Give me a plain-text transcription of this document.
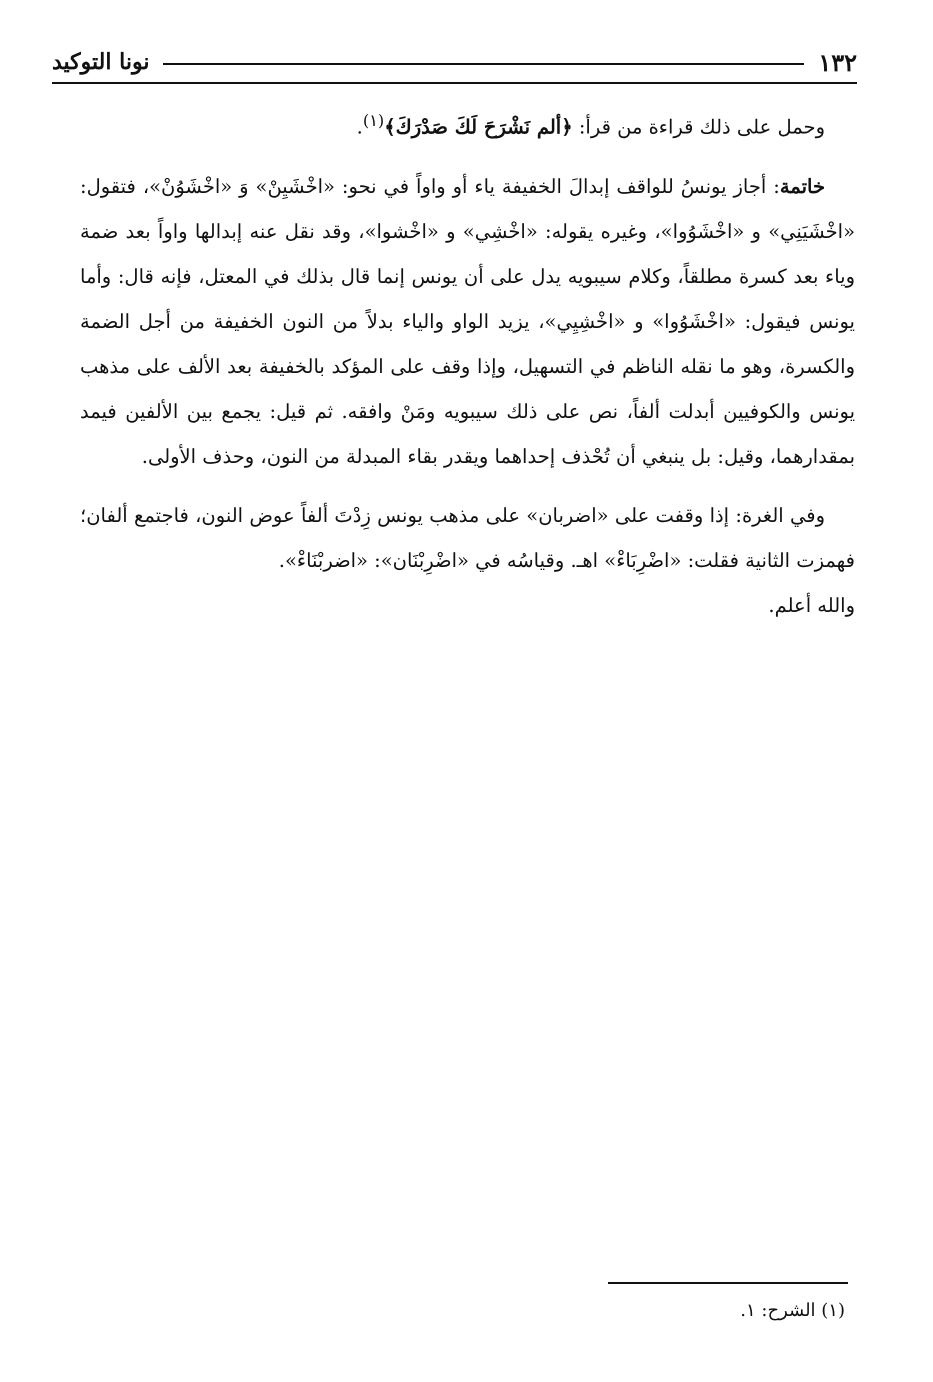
١٣٢
نونا التوكيد

وحمل على ذلك قراءة من قرأ: ﴿ألم نَشْرَحَ لَكَ صَدْرَكَ﴾$^{(١)}$.

خاتمة: أجاز يونسُ للواقف إبدالَ الخفيفة ياء أو واواً في نحو: «اخْشَيِنْ» وَ «اخْشَوُنْ»، فتقول: «اخْشَيَنِي» و «اخْشَوُوا»، وغيره يقوله: «اخْشِي» و «اخْشوا»، وقد نقل عنه إبدالها واواً بعد ضمة وياء بعد كسرة مطلقاً، وكلام سيبويه يدل على أن يونس إنما قال بذلك في المعتل، فإنه قال: وأما يونس فيقول: «اخْشَوُوا» و «اخْشِيِي»، يزيد الواو والياء بدلاً من النون الخفيفة من أجل الضمة والكسرة، وهو ما نقله الناظم في التسهيل، وإذا وقف على المؤكد بالخفيفة بعد الألف على مذهب يونس والكوفيين أبدلت ألفاً، نص على ذلك سيبويه ومَنْ وافقه. ثم قيل: يجمع بين الألفين فيمد بمقدارهما، وقيل: بل ينبغي أن تُحْذف إحداهما ويقدر بقاء المبدلة من النون، وحذف الأولى.

وفي الغرة: إذا وقفت على «اضربان» على مذهب يونس زِدْتَ ألفاً عوض النون، فاجتمع ألفان؛ فهمزت الثانية فقلت: «اضْرِبَاءْ» اهـ. وقياسُه في «اضْرِبْنَان»: «اضربْنَاءْ».

والله أعلم.

(١) الشرح: ١.
